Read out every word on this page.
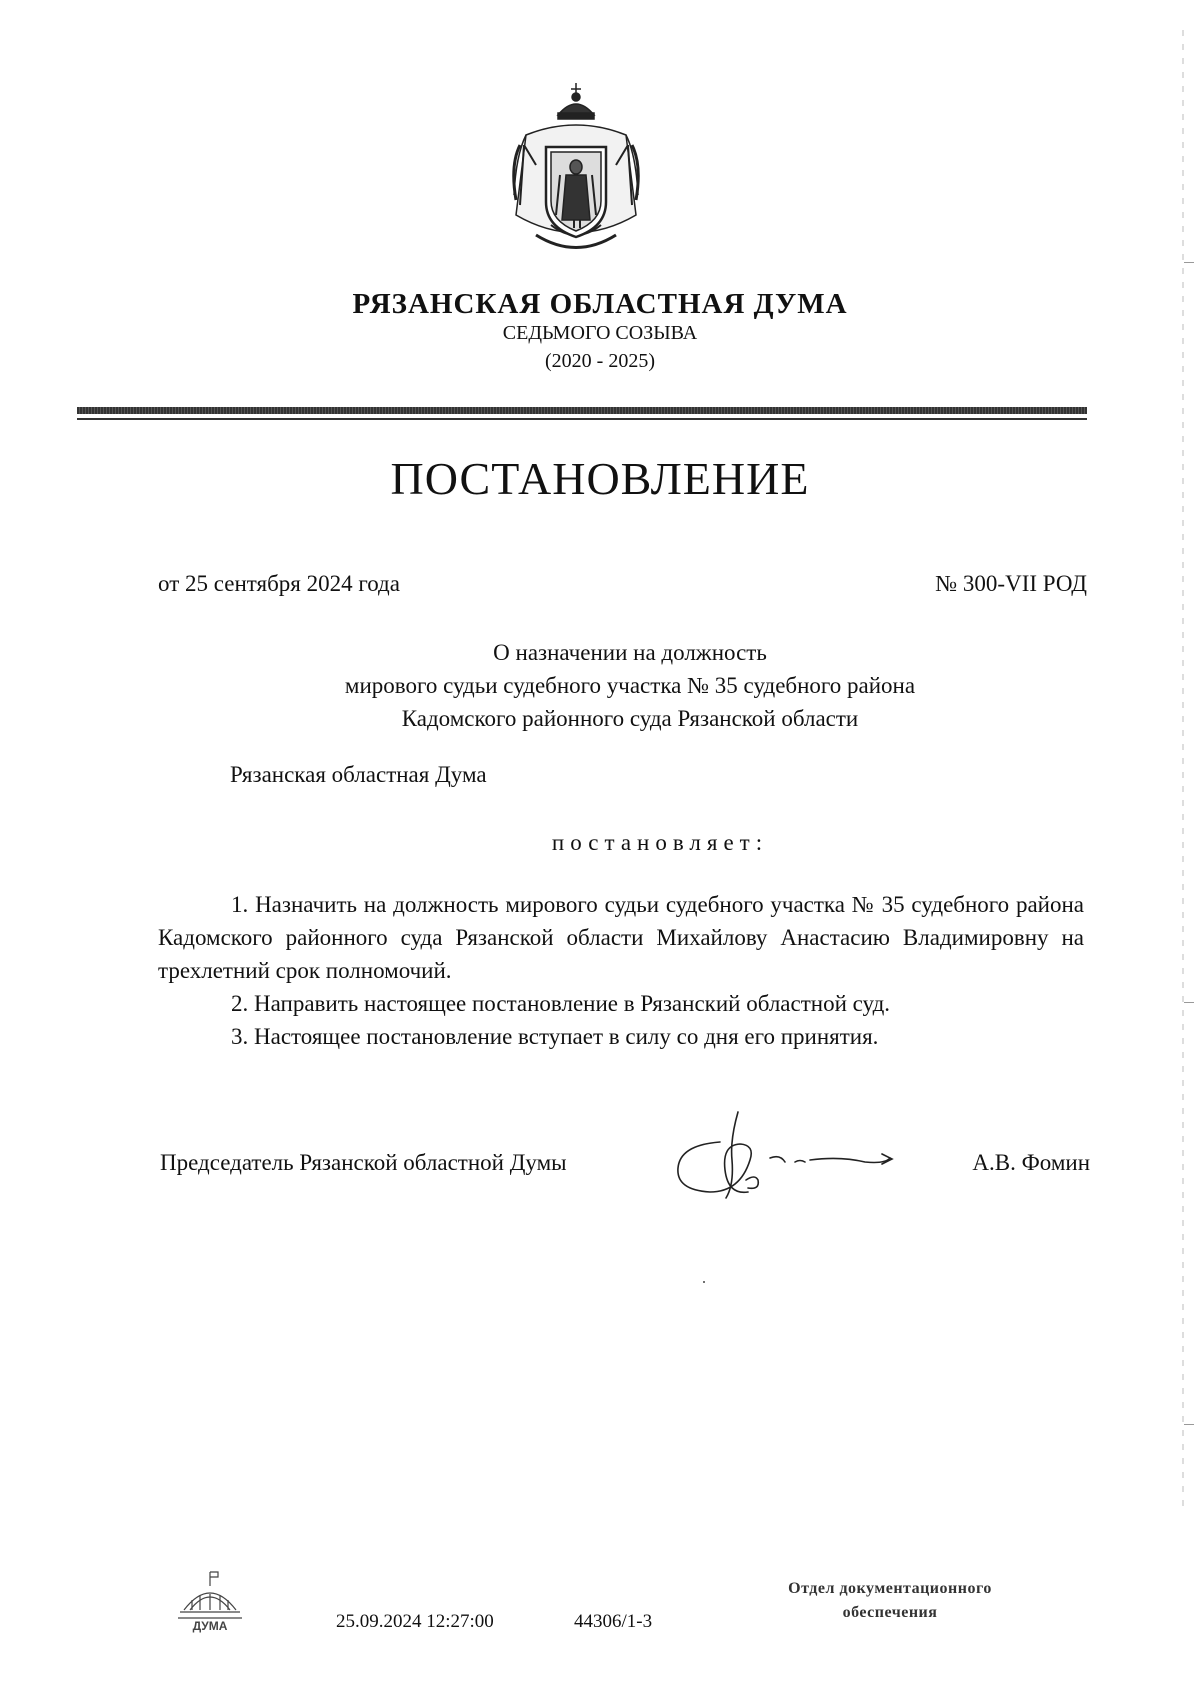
РЯЗАНСКАЯ ОБЛАСТНАЯ ДУМА
СЕДЬМОГО СОЗЫВА
(2020 - 2025)
ПОСТАНОВЛЕНИЕ
от 25 сентября 2024 года	№ 300-VII РОД
О назначении на должность
мирового судьи судебного участка № 35 судебного района
Кадомского районного суда Рязанской области
Рязанская областная Дума
постановляет:

1. Назначить на должность мирового судьи судебного участка № 35 судебного района Кадомского районного суда Рязанской области Михайлову Анастасию Владимировну на трехлетний срок полномочий.

2. Направить настоящее постановление в Рязанский областной суд.

3. Настоящее постановление вступает в силу со дня его принятия.

Председатель Рязанской областной Думы	А.В. Фомин
ДУМА	25.09.2024 12:27:00	44306/1-3
Отдел документационного
обеспечения
